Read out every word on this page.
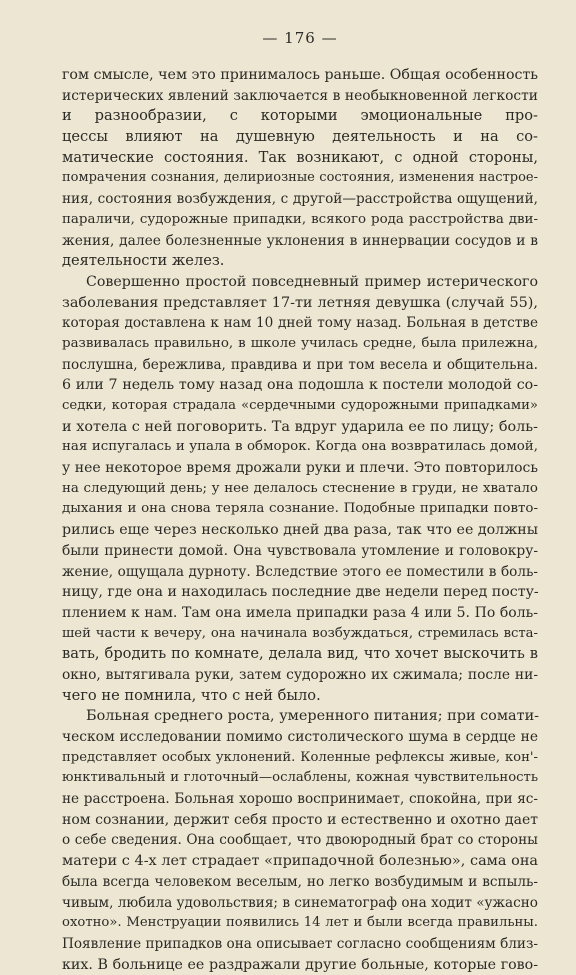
— 176 —
гом смысле, чем это принималось раньше. Общая особенность
истерических явлений заключается в необыкновенной легкости
и разнообразии, с которыми эмоциональные про-
цессы влияют на душевную деятельность и на со-
матические состояния. Так возникают, с одной стороны,
помрачения сознания, делириозные состояния, изменения настрое-
ния, состояния возбуждения, с другой—расстройства ощущений,
параличи, судорожные припадки, всякого рода расстройства дви-
жения, далее болезненные уклонения в иннервации сосудов и в
деятельности желез.
Совершенно простой повседневный пример истерического
заболевания представляет 17-ти летняя девушка (случай 55),
которая доставлена к нам 10 дней тому назад. Больная в детстве
развивалась правильно, в школе училась средне, была прилежна,
послушна, бережлива, правдива и при том весела и общительна.
6 или 7 недель тому назад она подошла к постели молодой со-
седки, которая страдала «сердечными судорожными припадками»
и хотела с ней поговорить. Та вдруг ударила ее по лицу; боль-
ная испугалась и упала в обморок. Когда она возвратилась домой,
у нее некоторое время дрожали руки и плечи. Это повторилось
на следующий день; у нее делалось стеснение в груди, не хватало
дыхания и она снова теряла сознание. Подобные припадки повто-
рились еще через несколько дней два раза, так что ее должны
были принести домой. Она чувствовала утомление и головокру-
жение, ощущала дурноту. Вследствие этого ее поместили в боль-
ницу, где она и находилась последние две недели перед посту-
плением к нам. Там она имела припадки раза 4 или 5. По боль-
шей части к вечеру, она начинала возбуждаться, стремилась вста-
вать, бродить по комнате, делала вид, что хочет выскочить в
окно, вытягивала руки, затем судорожно их сжимала; после ни-
чего не помнила, что с ней было.
Больная среднего роста, умеренного питания; при сомати-
ческом исследовании помимо систолического шума в сердце не
представляет особых уклонений. Коленные рефлексы живые, кон'-
юнктивальный и глоточный—ослаблены, кожная чувствительность
не расстроена. Больная хорошо воспринимает, спокойна, при яс-
ном сознании, держит себя просто и естественно и охотно дает
о себе сведения. Она сообщает, что двоюродный брат со стороны
матери с 4-х лет страдает «припадочной болезнью», сама она
была всегда человеком веселым, но легко возбудимым и вспыль-
чивым, любила удовольствия; в синематограф она ходит «ужасно
охотно». Менструации появились 14 лет и были всегда правильны.
Появление припадков она описывает согласно сообщениям близ-
ких. В больнице ее раздражали другие больные, которые гово-
